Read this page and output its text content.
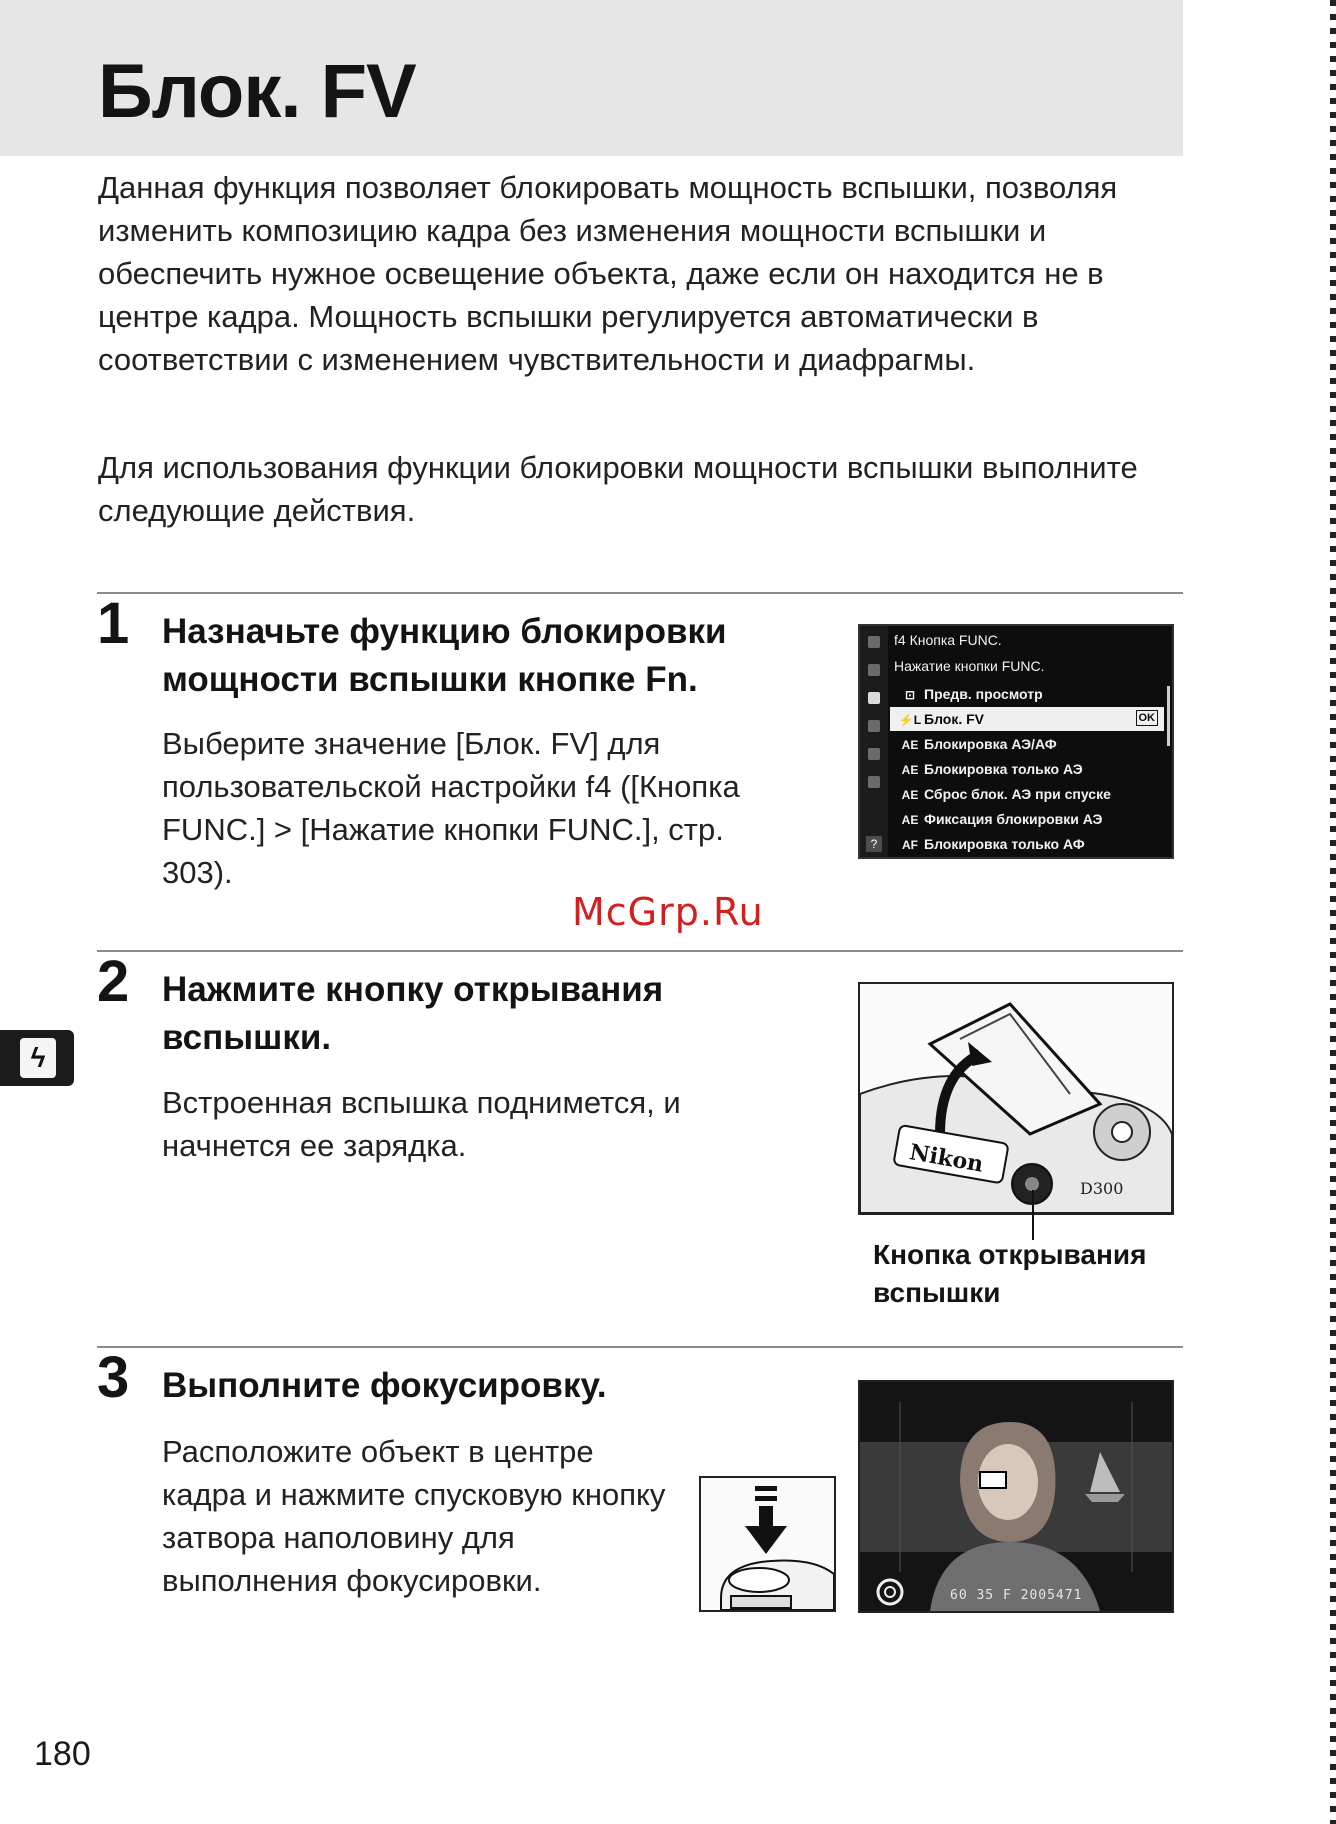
Блок. FV

Данная функция позволяет блокировать мощность вспышки, позволяя изменить композицию кадра без изменения мощности вспышки и обеспечить нужное освещение объекта, даже если он находится не в центре кадра. Мощность вспышки регулируется автоматически в соответствии с изменением чувствительности и диафрагмы.

Для использования функции блокировки мощности вспышки выполните следующие действия.

1 Назначьте функцию блокировки мощности вспышки кнопке Fn.

Выберите значение [Блок. FV] для пользовательской настройки f4 ([Кнопка FUNC.] > [Нажатие кнопки FUNC.], стр. 303).

f4 Кнопка FUNC.
Нажатие кнопки FUNC.
⊡ Предв. просмотр
⚡L Блок. FV	OK
AE Блокировка АЭ/АФ
AE Блокировка только АЭ
AE Сброс блок. АЭ при спуске
AE Фиксация блокировки АЭ
AF Блокировка только АФ
?
McGrp.Ru
2 Нажмите кнопку открывания вспышки.

Встроенная вспышка поднимется, и начнется ее зарядка.	Nikon
D300

Кнопка открывания вспышки

3 Выполните фокусировку.

Расположите объект в центре кадра и нажмите спусковую кнопку затвора наполовину для выполнения фокусировки.	60 35 F 2005471
ϟ
180
